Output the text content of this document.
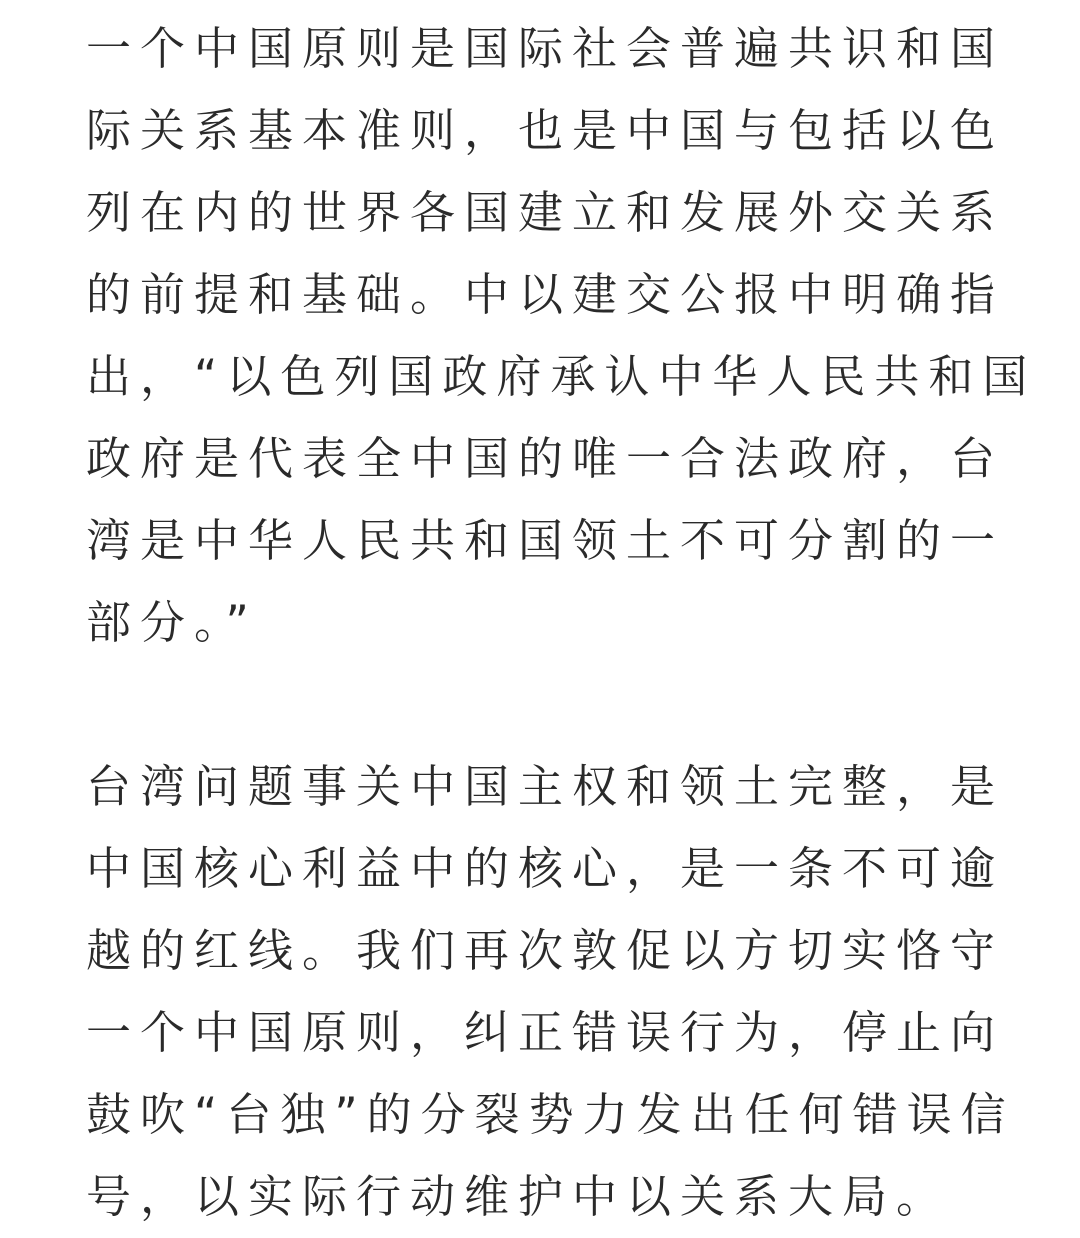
一个中国原则是国际社会普遍共识和国
际关系基本准则，也是中国与包括以色
列在内的世界各国建立和发展外交关系
的前提和基础。中以建交公报中明确指
出，“以色列国政府承认中华人民共和国
政府是代表全中国的唯一合法政府，台
湾是中华人民共和国领土不可分割的一
部分。”

台湾问题事关中国主权和领土完整，是
中国核心利益中的核心，是一条不可逾
越的红线。我们再次敦促以方切实恪守
一个中国原则，纠正错误行为，停止向
鼓吹“台独”的分裂势力发出任何错误信
号，以实际行动维护中以关系大局。
